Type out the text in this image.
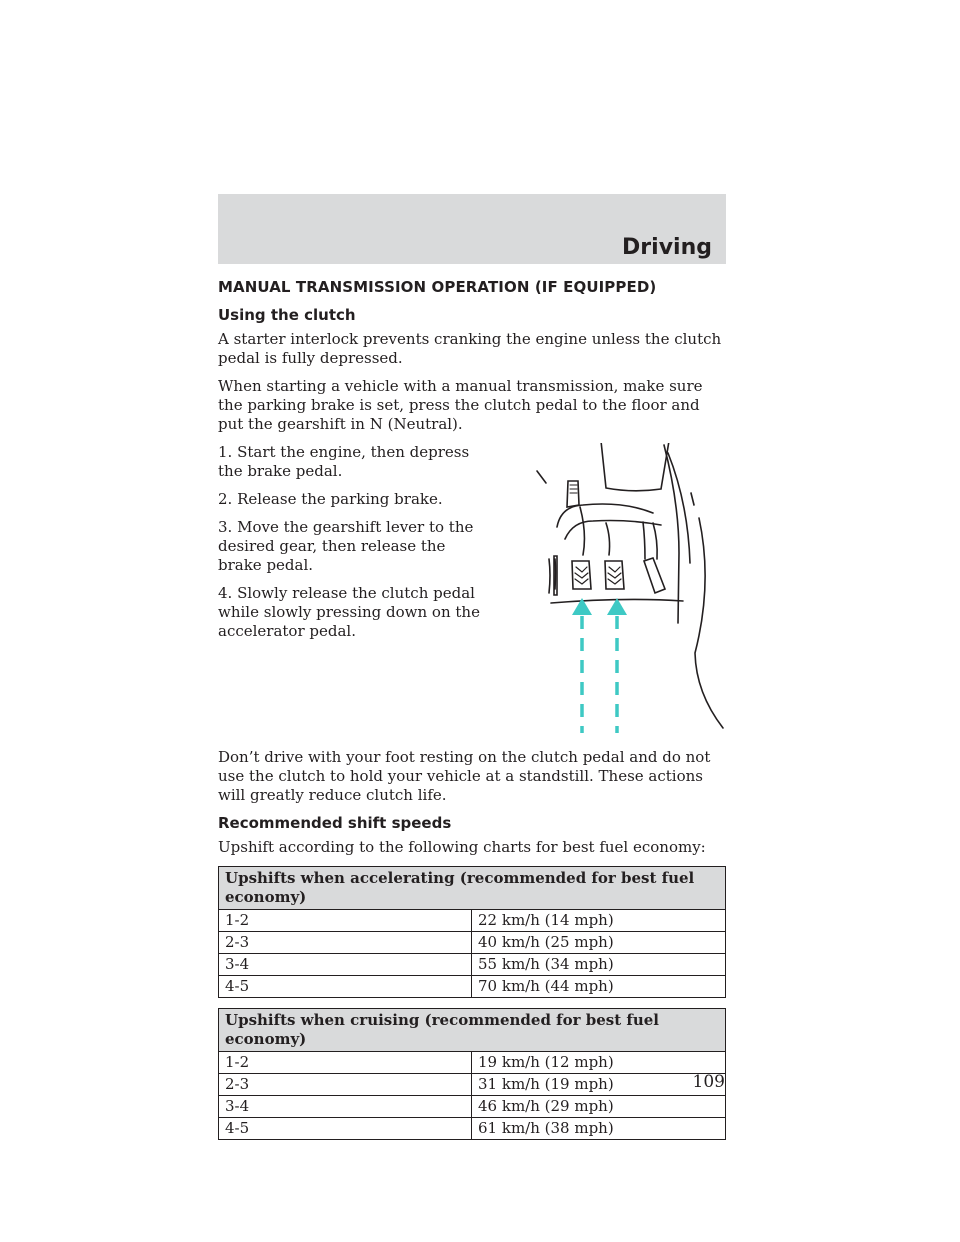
Driving
MANUAL TRANSMISSION OPERATION (IF EQUIPPED)
Using the clutch

A starter interlock prevents cranking the engine unless the clutch pedal is fully depressed.

When starting a vehicle with a manual transmission, make sure the parking brake is set, press the clutch pedal to the floor and put the gearshift in N (Neutral).

1. Start the engine, then depress the brake pedal.

2. Release the parking brake.

3. Move the gearshift lever to the desired gear, then release the brake pedal.

4. Slowly release the clutch pedal while slowly pressing down on the accelerator pedal.

Don’t drive with your foot resting on the clutch pedal and do not use the clutch to hold your vehicle at a standstill. These actions will greatly reduce clutch life.

Recommended shift speeds

Upshift according to the following charts for best fuel economy:

Upshifts when accelerating (recommended for best fuel economy)	
1-2	22 km/h (14 mph)
2-3	40 km/h (25 mph)
3-4	55 km/h (34 mph)
4-5	70 km/h (44 mph)
Upshifts when cruising (recommended for best fuel economy)	
1-2	19 km/h (12 mph)
2-3	31 km/h (19 mph)
3-4	46 km/h (29 mph)
4-5	61 km/h (38 mph)
109
